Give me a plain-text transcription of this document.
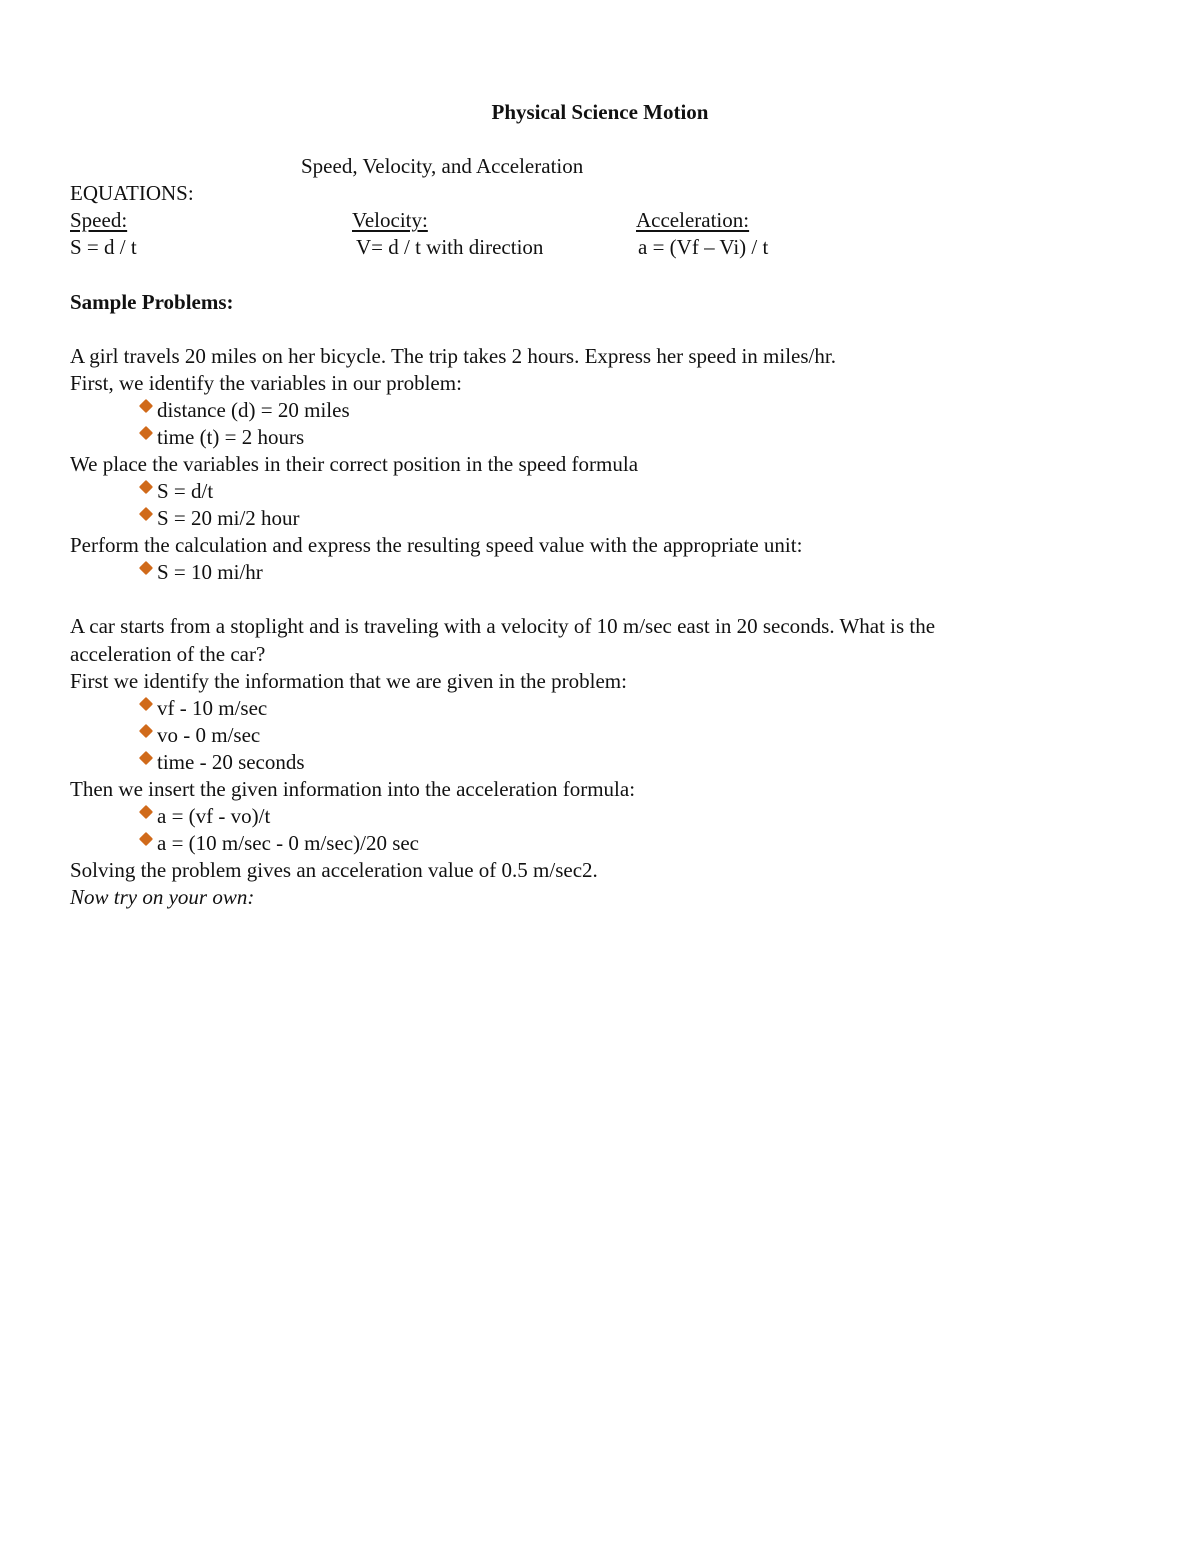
Physical Science Motion
Speed, Velocity, and Acceleration
EQUATIONS:
Speed:	Velocity:	Acceleration:
S = d / t	V= d / t with direction	a = (Vf – Vi) / t
Sample Problems:
A girl travels 20 miles on her bicycle. The trip takes 2 hours. Express her speed in miles/hr.
First, we identify the variables in our problem:
distance (d) = 20 miles
time (t) = 2 hours
We place the variables in their correct position in the speed formula
S = d/t
S = 20 mi/2 hour
Perform the calculation and express the resulting speed value with the appropriate unit:
S = 10 mi/hr
A car starts from a stoplight and is traveling with a velocity of 10 m/sec east in 20 seconds. What is the
acceleration of the car?
First we identify the information that we are given in the problem:
vf - 10 m/sec
vo - 0 m/sec
time - 20 seconds
Then we insert the given information into the acceleration formula:
a = (vf - vo)/t
a = (10 m/sec - 0 m/sec)/20 sec
Solving the problem gives an acceleration value of 0.5 m/sec2.
Now try on your own:
